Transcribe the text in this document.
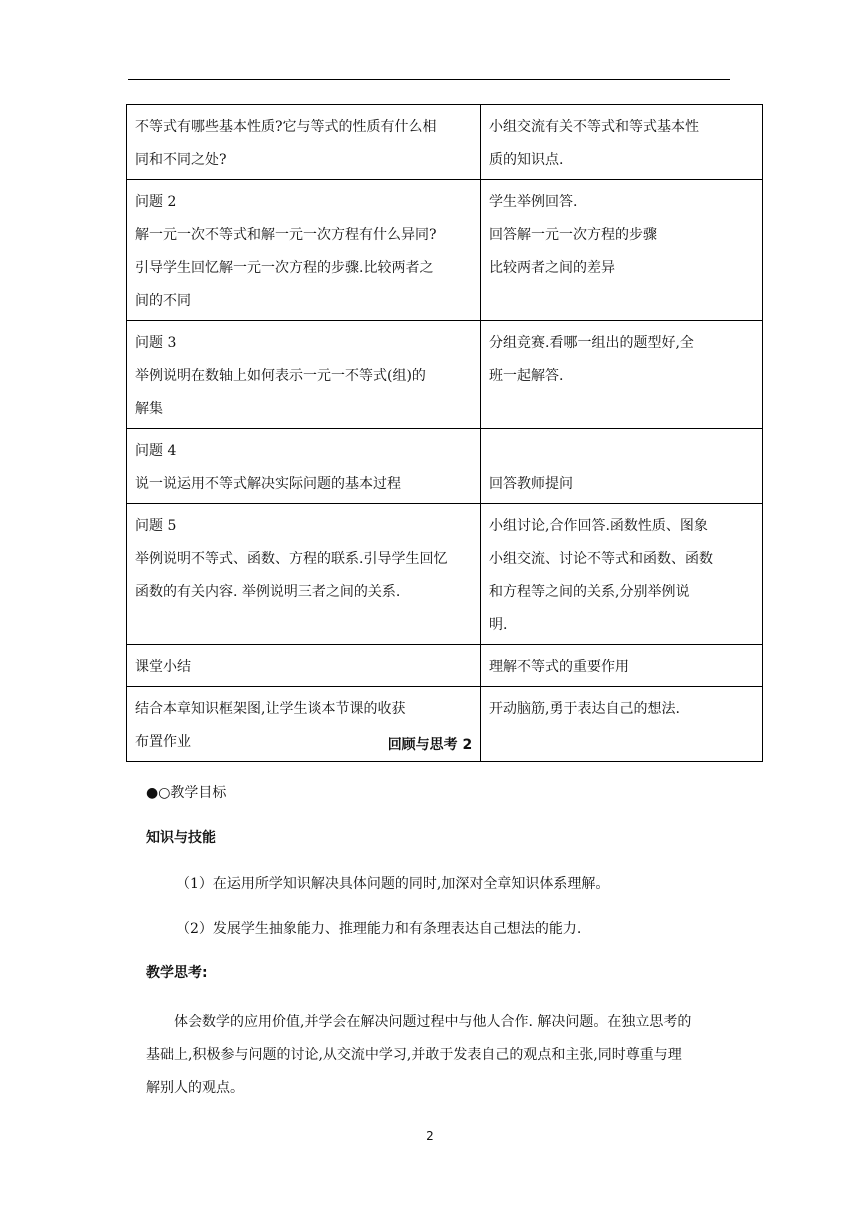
不等式有哪些基本性质?它与等式的性质有什么相
同和不同之处?	小组交流有关不等式和等式基本性
质的知识点.

问题 2
解一元一次不等式和解一元一次方程有什么异同?
引导学生回忆解一元一次方程的步骤.比较两者之
间的不同	学生举例回答.
回答解一元一次方程的步骤
比较两者之间的差异

问题 3
举例说明在数轴上如何表示一元一不等式(组)的
解集	分组竞赛.看哪一组出的题型好,全
班一起解答.

问题 4
说一说运用不等式解决实际问题的基本过程	回答教师提问

问题 5
举例说明不等式、函数、方程的联系.引导学生回忆
函数的有关内容. 举例说明三者之间的关系.	小组讨论,合作回答.函数性质、图象
小组交流、讨论不等式和函数、函数
和方程等之间的关系,分别举例说
明.

课堂小结	理解不等式的重要作用

结合本章知识框架图,让学生谈本节课的收获
布置作业	开动脑筋,勇于表达自己的想法.
回顾与思考 2
●○教学目标
知识与技能
（1）在运用所学知识解决具体问题的同时,加深对全章知识体系理解。
（2）发展学生抽象能力、推理能力和有条理表达自己想法的能力.
教学思考:
体会数学的应用价值,并学会在解决问题过程中与他人合作. 解决问题。在独立思考的
基础上,积极参与问题的讨论,从交流中学习,并敢于发表自己的观点和主张,同时尊重与理
解别人的观点。
2
